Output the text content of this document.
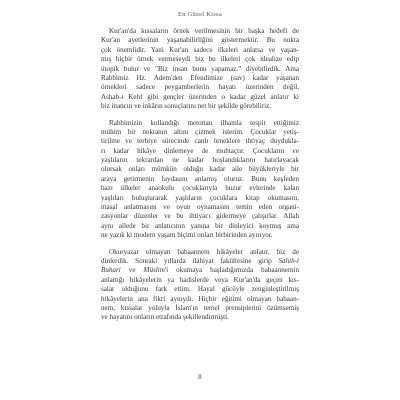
En Güzel Kıssa
Kur'an'da kıssaların örnek verilmesinin bir başka hedefi de
Kur'an ayetlerinin yaşanabilirliğini göstermektir. Bu nokta
çok önemlidir. Yani Kur'an sadece ilkeleri anlatsa ve yaşan-
mış hiçbir örnek vermeseydi biz bu ilkeleri çok idealize edip
ütopik bulur ve "Biz insan bunu yapamaz." diyebilirdik. Ama
Rabbimiz Hz. Adem'den Efendimize (sav) kadar yaşanan
örnekleri sadece peygamberlerin hayatı üzerinden değil,
Ashab-ı Kehf gibi gençler üzerinden o kadar güzel anlatır ki
biz inancın ve inkârın sonuçlarını net bir şekilde görebiliriz.
Rabbimizin kullandığı metottan ilhamla tespit ettiğimiz
mühim bir noktanın altını çizmek isterim. Çocuklar yetiş-
tirilme ve terbiye sürecinde canlı örneklere ihtiyaç duydukla-
rı kadar hikâye dinlemeye de muhtaçtır. Çocukların ve
yaşlıların tekrardan ne kadar hoşlandıklarını hatırlayacak
olursak onları mümkün olduğu kadar aile büyükleriyle bir
araya getirmenin faydasını anlamış oluruz. Bunu keşfeden
bazı ülkeler anaokulu çocuklarıyla huzur evlerinde kalan
yaşlıları buluşturarak yaşlıların çocuklara kitap okumasını,
masal anlatmasını ve oyun oynamasını temin eden organi-
zasyonlar düzenler ve bu ihtiyacı gidermeye çalışırlar. Allah
aynı ailede bir anlatıcının yanına bir dinleyici koymuş ama
ne yazık ki modern yaşam biçimi onları birbirinden ayırıyor.
Okuryazar olmayan babaannem hikâyeler anlatır, biz de
dinlerdik. Sonraki yıllarda ilahiyat fakültesine girip Sahih-i
Buhari ve Müslim'i okumaya başladığımızda babaannemin
anlattığı hikâyelerin ya hadislerde veya Kur'an'da geçen kıs-
salar olduğunu fark ettim. Hayal gücüyle zenginleştirilmiş
hikâyelerin ana fikri aynıydı. Hiçbir eğitimi olmayan babaan-
nem, kıssalar yoluyla İslam'ın temel prensiplerini özümsemiş
ve hayatını onların etrafında şekillendirmişti.
8
